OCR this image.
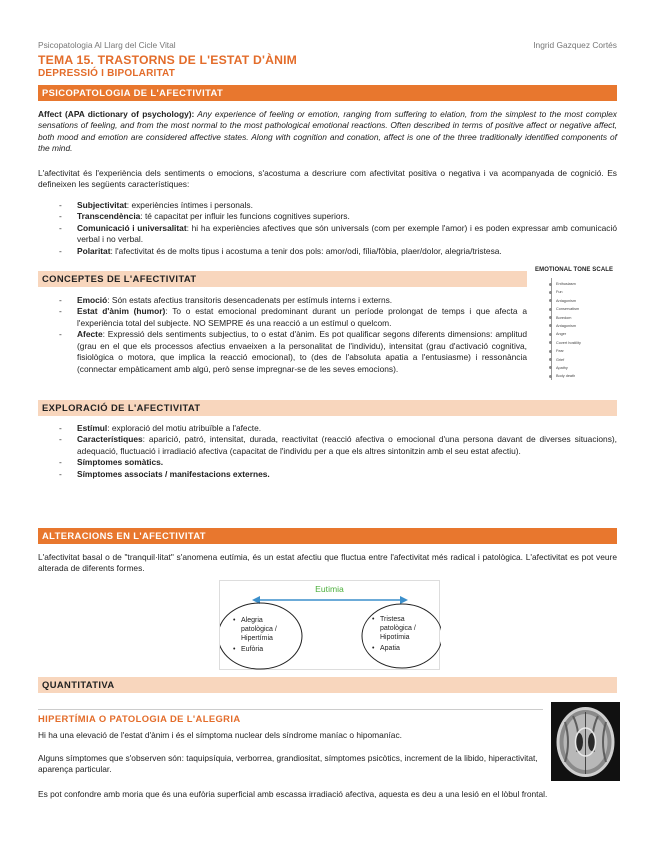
Psicopatologia Al Llarg del Cicle Vital	Ingrid Gazquez Cortés
TEMA 15. TRASTORNS DE L'ESTAT D'ÀNIM
DEPRESSIÓ I BIPOLARITAT
PSICOPATOLOGIA DE L'AFECTIVITAT
Affect (APA dictionary of psychology): Any experience of feeling or emotion, ranging from suffering to elation, from the simplest to the most complex sensations of feeling, and from the most normal to the most pathological emotional reactions. Often described in terms of positive affect or negative affect, both mood and emotion are considered affective states. Along with cognition and conation, affect is one of the three traditionally identified components of the mind.
L'afectivitat és l'experiència dels sentiments o emocions, s'acostuma a descriure com afectivitat positiva o negativa i va acompanyada de cognició. Es defineixen les següents característiques:
- Subjectivitat: experiències íntimes i personals.
- Transcendència: té capacitat per influir les funcions cognitives superiors.
- Comunicació i universalitat: hi ha experiències afectives que són universals (com per exemple l'amor) i es poden expressar amb comunicació verbal i no verbal.
- Polaritat: l'afectivitat és de molts tipus i acostuma a tenir dos pols: amor/odi, fília/fòbia, plaer/dolor, alegria/tristesa.
CONCEPTES DE L'AFECTIVITAT
- Emoció: Són estats afectius transitoris desencadenats per estímuls interns i externs.
- Estat d'ànim (humor): To o estat emocional predominant durant un període prolongat de temps i que afecta a l'experiència total del subjecte. NO SEMPRE és una reacció a un estímul o quelcom.
- Afecte: Expressió dels sentiments subjectius, to o estat d'ànim. Es pot qualificar segons diferents dimensions: amplitud (grau en el que els processos afectius envaeixen a la personalitat de l'individu), intensitat (grau d'activació cognitiva, fisiològica o motora, que implica la reacció emocional), to (des de l'absoluta apatia a l'entusiasme) i ressonància (connectar empàticament amb algú, però sense impregnar-se de les seves emocions).
EMOTIONAL TONE SCALE
Enthusiasm
Fun
Antagonism
Conservatism
Boredom
Antagonism
Anger
Covert hostility
Fear
Grief
Apathy
Body death
EXPLORACIÓ DE L'AFECTIVITAT
- Estímul: exploració del motiu atribuïble a l'afecte.
- Característiques: aparició, patró, intensitat, durada, reactivitat (reacció afectiva o emocional d'una persona davant de diverses situacions), adequació, fluctuació i irradiació afectiva (capacitat de l'individu per a que els altres sintonitzin amb el seu estat afectiu).
- Símptomes somàtics.
- Símptomes associats / manifestacions externes.
ALTERACIONS EN L'AFECTIVITAT
L'afectivitat basal o de "tranquil·litat" s'anomena eutímia, és un estat afectiu que fluctua entre l'afectivitat més radical i patològica. L'afectivitat es pot veure alterada de diferents formes.
Eutimia
• Alegria patològica / Hipertímia
• Eufòria
• Tristesa patològica / Hipotímia
• Apatia
QUANTITATIVA
HIPERTÍMIA O PATOLOGIA DE L'ALEGRIA
Hi ha una elevació de l'estat d'ànim i és el símptoma nuclear dels síndrome maníac o hipomaníac.
Alguns símptomes que s'observen són: taquipsíquia, verborrea, grandiositat, símptomes psicòtics, increment de la libido, hiperactivitat, aparença particular.
Es pot confondre amb moria que és una eufòria superficial amb escassa irradiació afectiva, aquesta es deu a una lesió en el lòbul frontal.
